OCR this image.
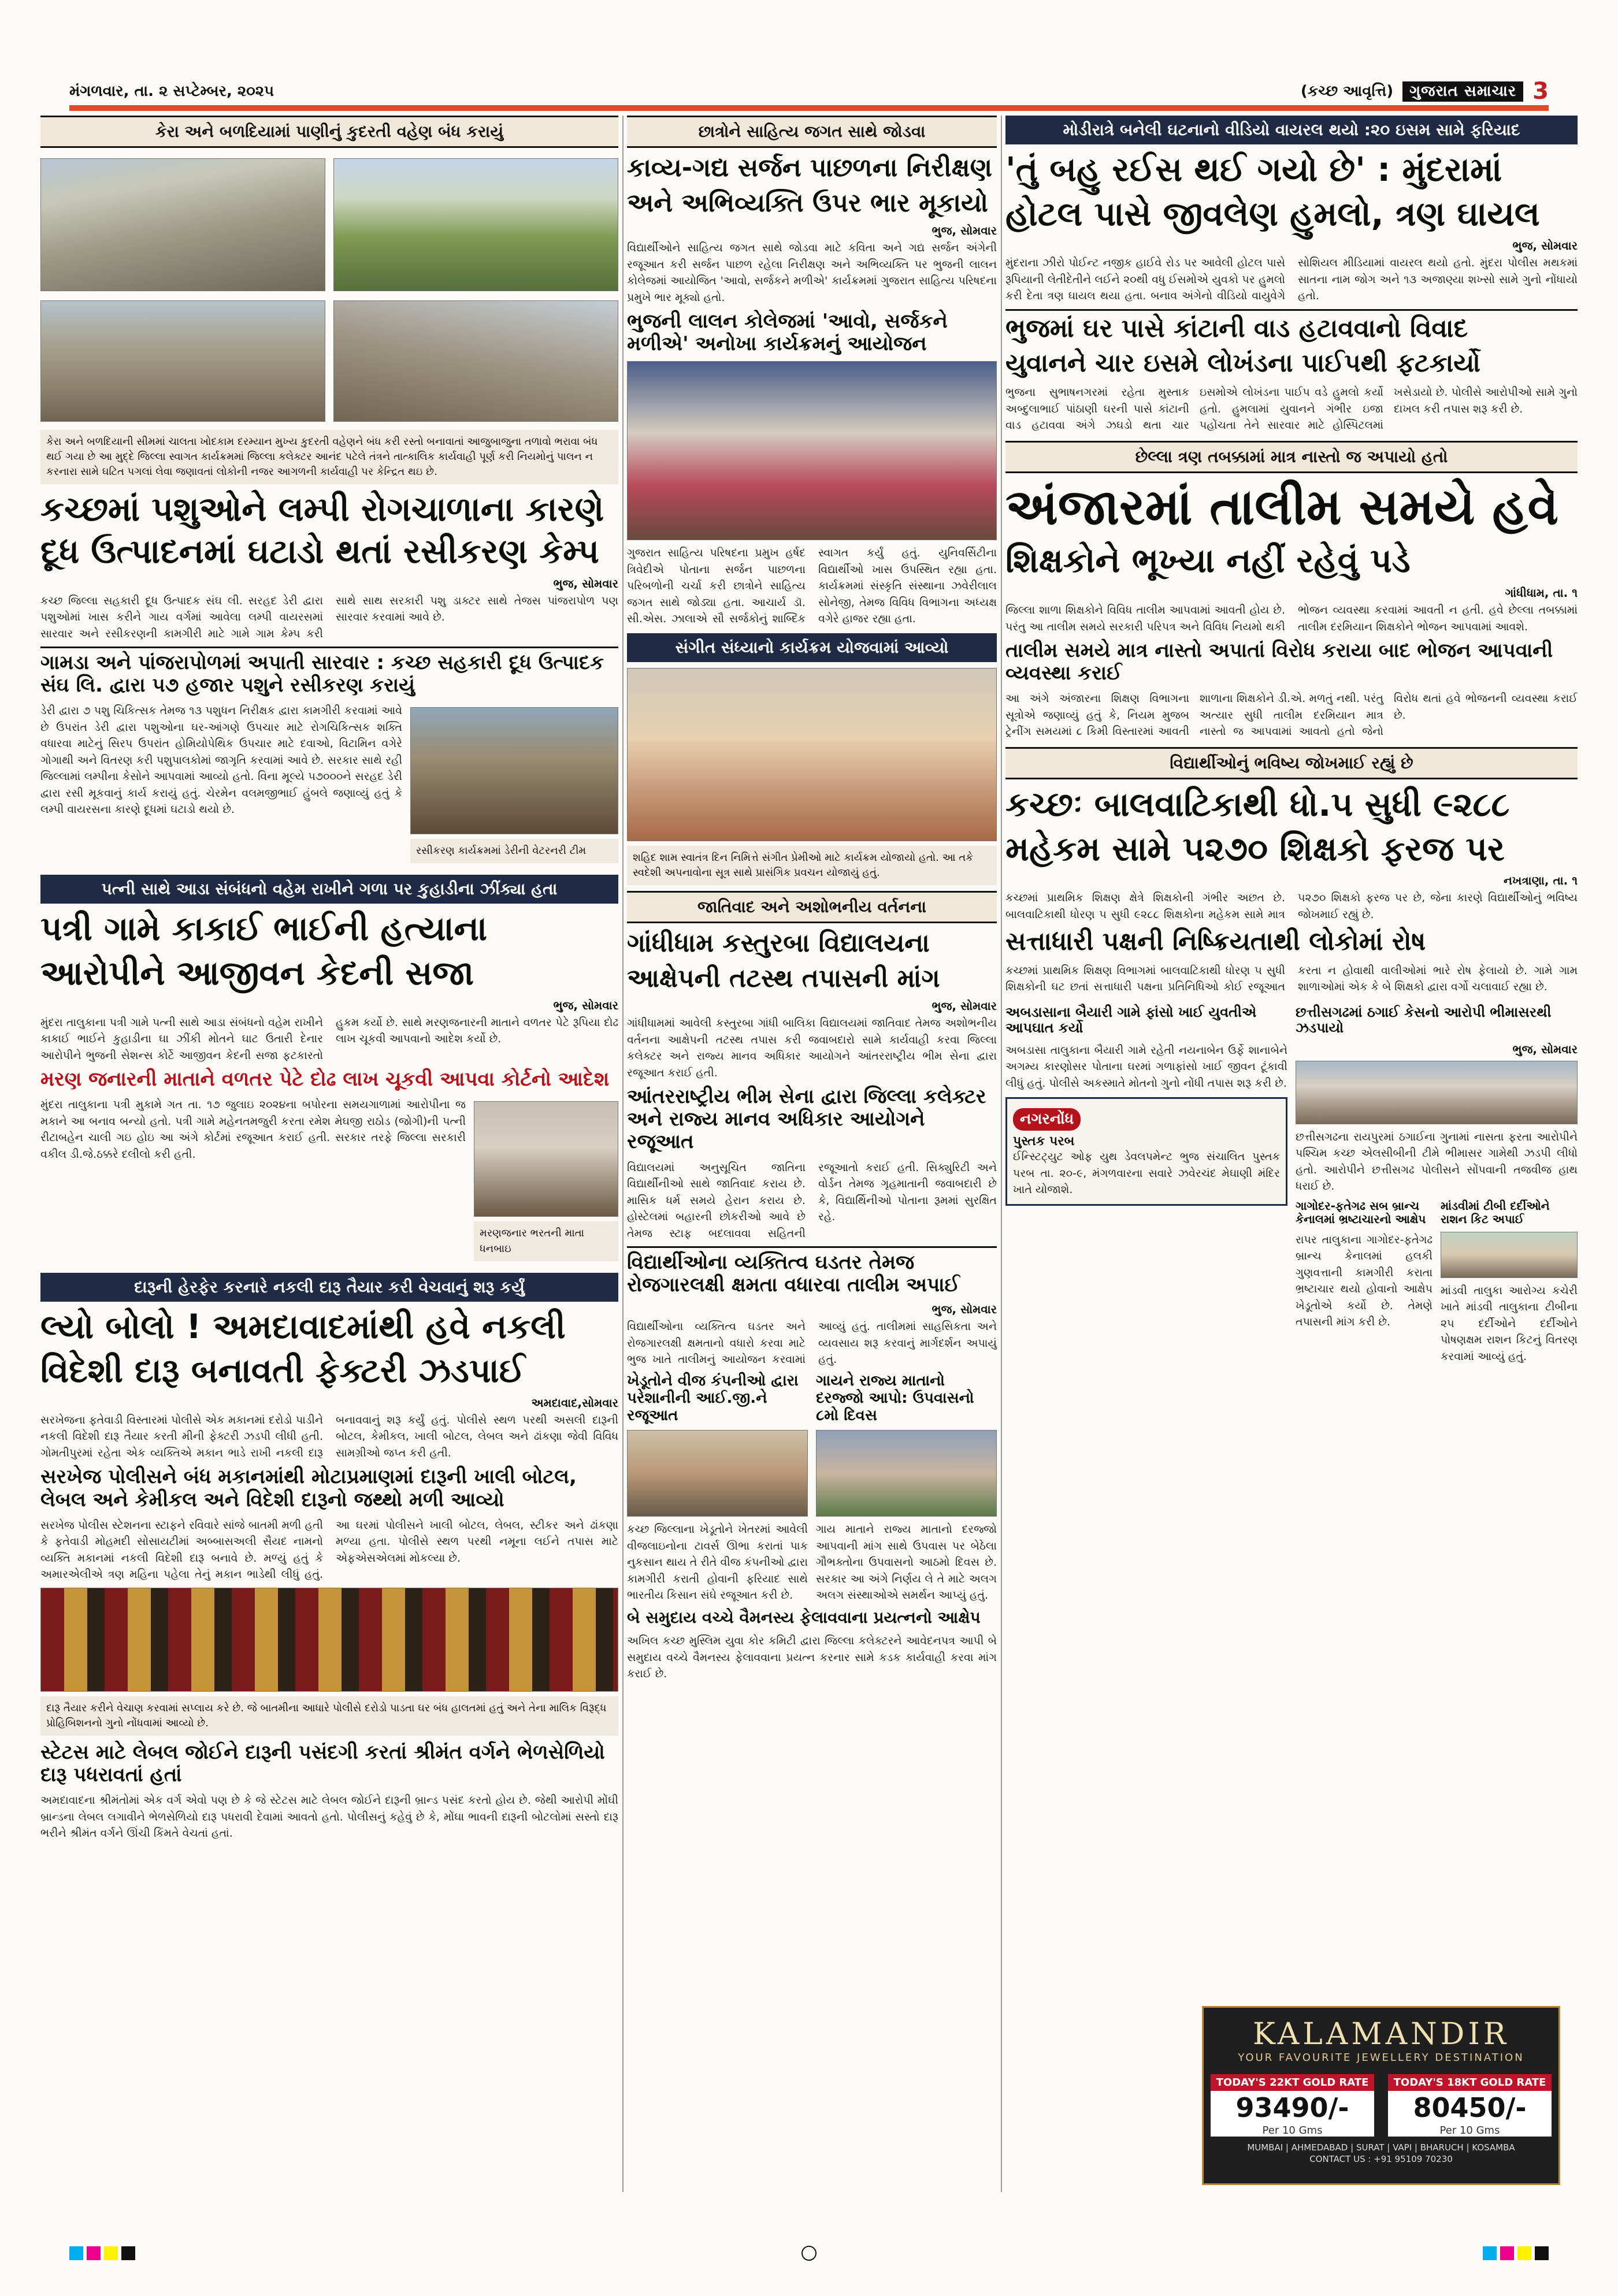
મંગળવાર, તા. ૨ સપ્ટેમ્બર, ૨૦૨૫	(કચ્છ આવૃત્તિ)	ગુજરાત સમાચાર 3
કેરા અને બળદિયામાં પાણીનું કુદરતી વહેણ બંધ કરાયું
કેરા અને બળદિયાની સીમમાં ચાલતા ખોદકામ દરમ્યાન મુખ્ય કુદરતી વહેણને બંધ કરી રસ્તો બનાવાતાં આજુબાજુના તળાવો ભરાવા બંધ થઈ ગયા છે આ મુદ્દે જિલ્લા સ્વાગત કાર્યક્રમમાં જિલ્લા કલેક્ટર આનંદ પટેલે તંત્રને તાત્કાલિક કાર્યવાહી પૂર્ણ કરી નિયમોનું પાલન ન કરનારા સામે ઘટિત પગલાં લેવા જણાવતાં લોકોની નજર આગળની કાર્યવાહી પર કેન્દ્રિત થઇ છે.
કચ્છમાં પશુઓને લમ્પી રોગચાળાના કારણે
દૂધ ઉત્પાદનમાં ઘટાડો થતાં રસીકરણ કેમ્પ
ભુજ, સોમવાર
કચ્છ જિલ્લા સહકારી દૂધ ઉત્પાદક સંઘ લી. સરહદ ડેરી દ્વારા પશુઓમાં ખાસ કરીને ગાય વર્ગમાં આવેલા લમ્પી વાયરસમાં સારવાર અને રસીકરણની કામગીરી માટે ગામે ગામ કેમ્પ કરી સાથે સાથ સરકારી પશુ ડાક્ટર સાથે તેજસ પાંજરાપોળ પણ સારવાર કરવામાં આવે છે.
ગામડા અને પાંજરાપોળમાં અપાતી સારવાર : કચ્છ સહકારી દૂધ ઉત્પાદક સંઘ લિ. દ્વારા ૫૭ હજાર પશુને રસીકરણ કરાયું
ડેરી દ્વારા ૭ પશુ ચિકિત્સક તેમજ ૧૩ પશુધન નિરીક્ષક દ્વારા કામગીરી કરવામાં આવે છે ઉપરાંત ડેરી દ્વારા પશુઓના ઘર-આંગણે ઉપચાર માટે રોગચિકિત્સક શક્તિ વધારવા માટેનું સિરપ ઉપરાંત હોમિયોપેથિક ઉપચાર માટે દવાઓ, વિટામિન વગેરે ગોગાથી અને વિતરણ કરી પશુપાલકોમાં જાગૃતિ કરવામાં આવે છે. સરકાર સાથે રહી જિલ્લામાં લમ્પીના કેસોને આપવામાં આવ્યો હતો. વિના મૂલ્યે ૫૭૦૦૦ને સરહદ ડેરી દ્વારા રસી મૂકવાનું કાર્ય કરાયું હતું. ચેરમેન વલમજીભાઈ હુંબલે જણાવ્યું હતું કે લમ્પી વાયરસના કારણે દૂધમાં ઘટાડો થયો છે.
રસીકરણ કાર્યક્રમમાં ડેરીની વેટરનરી ટીમ
પત્ની સાથે આડા સંબંધનો વહેમ રાખીને ગળા પર કુહાડીના ઝીંક્યા હતા
પત્રી ગામે કાકાઈ ભાઈની હત્યાના
આરોપીને આજીવન કેદની સજા
ભુજ, સોમવાર
મુંદરા તાલુકાના પત્રી ગામે પત્ની સાથે આડા સંબંધનો વહેમ રાખીને કાકાઈ ભાઈને કુહાડીના ઘા ઝીંકી મોતને ઘાટ ઉતારી દેનાર આરોપીને ભુજની સેશન્સ કોર્ટે આજીવન કેદની સજા ફટકારતો હુકમ કર્યો છે. સાથે મરણજનારની માતાને વળતર પેટે રૂપિયા દોઢ લાખ ચૂકવી આપવાનો આદેશ કર્યો છે.
મરણ જનારની માતાને વળતર પેટે દોઢ લાખ ચૂકવી આપવા કોર્ટનો આદેશ
મુંદરા તાલુકાના પત્રી મુકામે ગત તા. ૧૭ જુલાઇ ૨૦૨૪ના બપોરના સમયગાળામાં આરોપીના જ મકાને આ બનાવ બન્યો હતો. પત્રી ગામે મહેનતમજુરી કરતા રમેશ મેઘજી રાઠોડ (જોગી)ની પત્ની રીટાબહેન ચાલી ગઇ હોઇ આ અંગે કોર્ટમાં રજૂઆત કરાઈ હતી. સરકાર તરફે જિલ્લા સરકારી વકીલ ડી.જે.ઠક્કરે દલીલો કરી હતી.
મરણજનાર ભરતની માતા ધનબાઇ
દારૂની હેરફેર કરનારે નકલી દારૂ તૈયાર કરી વેચવાનું શરૂ કર્યું
લ્યો બોલો ! અમદાવાદમાંથી હવે નકલી
વિદેશી દારૂ બનાવતી ફેક્ટરી ઝડપાઈ
અમદાવાદ,સોમવાર
સરખેજના ફતેવાડી વિસ્તારમાં પોલીસે એક મકાનમાં દરોડો પાડીને નકલી વિદેશી દારૂ તૈયાર કરતી મીની ફેક્ટરી ઝડપી લીધી હતી. ગોમતીપુરમાં રહેતા એક વ્યક્તિએ મકાન ભાડે રાખી નકલી દારૂ બનાવવાનું શરૂ કર્યું હતું. પોલીસે સ્થળ પરથી અસલી દારૂની બોટલ, કેમીકલ, ખાલી બોટલ, લેબલ અને ઢાંકણા જેવી વિવિધ સામગ્રીઓ જપ્ત કરી હતી.
સરખેજ પોલીસને બંધ મકાનમાંથી મોટાપ્રમાણમાં દારૂની ખાલી બોટલ, લેબલ અને કેમીકલ અને વિદેશી દારૂનો જથ્થો મળી આવ્યો
સરખેજ પોલીસ સ્ટેશનના સ્ટાફને રવિવારે સાંજે બાતમી મળી હતી કે ફતેવાડી મોહમદી સોસાયટીમાં અબ્બાસઅલી સૈયદ નામનો વ્યક્તિ મકાનમાં નકલી વિદેશી દારૂ બનાવે છે. મળ્યું હતું કે અમારએલીએ ત્રણ મહિના પહેલા તેનું મકાન ભાડેથી લીધું હતું. આ ઘરમાં પોલીસને ખાલી બોટલ, લેબલ, સ્ટીકર અને ઢાંકણા મળ્યા હતા. પોલીસે સ્થળ પરથી નમૂના લઈને તપાસ માટે એફએસએલમાં મોકલ્યા છે.
દારૂ તૈયાર કરીને વેચાણ કરવામાં સપ્લાય કરે છે. જે બાતમીના આધારે પોલીસે દરોડો પાડતા ઘર બંધ હાલતમાં હતું અને તેના માલિક વિરૂદ્ધ પ્રોહિબિશનનો ગુનો નોંધવામાં આવ્યો છે.
સ્ટેટસ માટે લેબલ જોઈને દારૂની પસંદગી કરતાં શ્રીમંત વર્ગને ભેળસેળિયો દારૂ પધરાવતાં હતાં
અમદાવાદના શ્રીમંતોમાં એક વર્ગ એવો પણ છે કે જે સ્ટેટસ માટે લેબલ જોઈને દારૂની બ્રાન્ડ પસંદ કરતો હોય છે. જેથી આરોપી મોંઘી બ્રાન્ડના લેબલ લગાવીને ભેળસેળિયો દારૂ પધરાવી દેવામાં આવતો હતો. પોલીસનું કહેવું છે કે, મોંઘા ભાવની દારૂની બોટલોમાં સસ્તો દારૂ ભરીને શ્રીમંત વર્ગને ઊંચી કિંમતે વેચતાં હતાં.
છાત્રોને સાહિત્ય જગત સાથે જોડવા
કાવ્ય-ગદ્ય સર્જન પાછળના નિરીક્ષણ
અને અભિવ્યક્તિ ઉપર ભાર મૂકાયો
ભુજ, સોમવાર
વિદ્યાર્થીઓને સાહિત્ય જગત સાથે જોડવા માટે કવિતા અને ગદ્ય સર્જન અંગેની રજૂઆત કરી સર્જન પાછળ રહેલા નિરીક્ષણ અને અભિવ્યક્તિ પર ભુજની લાલન કોલેજમાં આયોજિત 'આવો, સર્જકને મળીએ' કાર્યક્રમમાં ગુજરાત સાહિત્ય પરિષદના પ્રમુખે ભાર મૂક્યો હતો.
ભુજની લાલન કોલેજમાં 'આવો, સર્જકને મળીએ' અનોખા કાર્યક્રમનું આયોજન
ગુજરાત સાહિત્ય પરિષદના પ્રમુખ હર્ષદ ત્રિવેદીએ પોતાના સર્જન પાછળના પરિબળોની ચર્ચા કરી છાત્રોને સાહિત્ય જગત સાથે જોડ્યા હતા. આચાર્ય ડૉ. સી.એસ. ઝાલાએ સૌ સર્જકોનું શાબ્દિક સ્વાગત કર્યું હતું. યુનિવર્સિટીના વિદ્યાર્થીઓ ખાસ ઉપસ્થિત રહ્યા હતા. કાર્યક્રમમાં સંસ્કૃતિ સંસ્થાના ઝવેરીલાલ સોનેજી, તેમજ વિવિધ વિભાગના અધ્યક્ષ વગેરે હાજર રહ્યા હતા.
સંગીત સંધ્યાનો કાર્યક્રમ યોજવામાં આવ્યો
શહિદ શામ સ્વાતંત્ર દિન નિમિત્તે સંગીત પ્રેમીઓ માટે કાર્યક્રમ યોજાયો હતો. આ તકે સ્વદેશી અપનાવોના સૂત્ર સાથે પ્રાસંગિક પ્રવચન યોજાયું હતું.
જાતિવાદ અને અશોભનીય વર્તનના
ગાંધીધામ કસ્તુરબા વિદ્યાલયના
આક્ષેપની તટસ્થ તપાસની માંગ
ભુજ, સોમવાર
ગાંધીધામમાં આવેલી કસ્તુરબા ગાંધી બાલિકા વિદ્યાલયમાં જાતિવાદ તેમજ અશોભનીય વર્તનના આક્ષેપની તટસ્થ તપાસ કરી જવાબદારો સામે કાર્યવાહી કરવા જિલ્લા કલેક્ટર અને રાજ્ય માનવ અધિકાર આયોગને આંતરરાષ્ટ્રીય ભીમ સેના દ્વારા રજૂઆત કરાઈ હતી.
આંતરરાષ્ટ્રીય ભીમ સેના દ્વારા જિલ્લા કલેક્ટર અને રાજ્ય માનવ અધિકાર આયોગને રજૂઆત
વિદ્યાલયમાં અનુસૂચિત જાતિના વિદ્યાર્થીનીઓ સાથે જાતિવાદ કરાય છે. માસિક ધર્મ સમયે હેરાન કરાય છે. હોસ્ટેલમાં બહારની છોકરીઓ આવે છે તેમજ સ્ટાફ બદલાવવા સહિતની રજૂઆતો કરાઈ હતી. સિક્યુરિટી અને વોર્ડન તેમજ ગૃહમાતાની જવાબદારી છે કે, વિદ્યાર્થિનીઓ પોતાના રૂમમાં સુરક્ષિત રહે.
વિદ્યાર્થીઓના વ્યક્તિત્વ ઘડતર તેમજ રોજગારલક્ષી ક્ષમતા વધારવા તાલીમ અપાઈ
ભુજ, સોમવાર
વિદ્યાર્થીઓના વ્યક્તિત્વ ઘડતર અને રોજગારલક્ષી ક્ષમતાનો વધારો કરવા માટે ભુજ ખાતે તાલીમનું આયોજન કરવામાં આવ્યું હતું. તાલીમમાં સાહસિકતા અને વ્યવસાય શરૂ કરવાનું માર્ગદર્શન અપાયું હતું.
ખેડૂતોને વીજ કંપનીઓ દ્વારા પરેશાનીની આઈ.જી.ને રજૂઆત
કચ્છ જિલ્લાના ખેડૂતોને ખેતરમાં આવેલી વીજલાઇનોના ટાવર્સ ઊભા કરાતાં પાક નુકસાન થાય તે રીતે વીજ કંપનીઓ દ્વારા કામગીરી કરાતી હોવાની ફરિયાદ સાથે ભારતીય કિસાન સંઘે રજૂઆત કરી છે.
ગાયને રાજ્ય માતાનો દરજ્જો આપો: ઉપવાસનો ૮મો દિવસ
ગાય માતાને રાજ્ય માતાનો દરજ્જો આપવાની માંગ સાથે ઉપવાસ પર બેઠેલા ગૌભક્તોના ઉપવાસનો આઠમો દિવસ છે. સરકાર આ અંગે નિર્ણય લે તે માટે અલગ અલગ સંસ્થાઓએ સમર્થન આપ્યું હતું.
બે સમુદાય વચ્ચે વૈમનસ્ય ફેલાવવાના પ્રયત્નનો આક્ષેપ
અખિલ કચ્છ મુસ્લિમ યુવા કોર કમિટી દ્વારા જિલ્લા કલેક્ટરને આવેદનપત્ર આપી બે સમુદાય વચ્ચે વૈમનસ્ય ફેલાવવાના પ્રયત્ન કરનાર સામે કડક કાર્યવાહી કરવા માંગ કરાઈ છે.
મોડીરાત્રે બનેલી ઘટનાનો વીડિયો વાયરલ થયો :૨૦ ઇસમ સામે ફરિયાદ
'તું બહુ રઈસ થઈ ગયો છે' : મુંદરામાં
હોટલ પાસે જીવલેણ હુમલો, ત્રણ ઘાયલ
ભુજ, સોમવાર
મુંદરાના ઝીરો પોઈન્ટ નજીક હાઈવે રોડ પર આવેલી હોટલ પાસે રૂપિયાની લેતીદેતીને લઈને ૨૦થી વધુ ઈસમોએ યુવકો પર હુમલો કરી દેતા ત્રણ ઘાયલ થયા હતા. બનાવ અંગેનો વીડિયો વાયુવેગે સોશિયલ મીડિયામાં વાયરલ થયો હતો. મુંદરા પોલીસ મથકમાં સાતના નામ જોગ અને ૧૩ અજાણ્યા શખ્સો સામે ગુનો નોંધાયો હતો.
ભુજમાં ઘર પાસે કાંટાની વાડ હટાવવાનો વિવાદ
યુવાનને ચાર ઇસમે લોખંડના પાઈપથી ફટકાર્યો
ભુજના સુભાષનગરમાં રહેતા મુસ્તાક અબ્દુલાભાઈ પાંઠાણી ઘરની પાસે કાંટાની વાડ હટાવવા અંગે ઝઘડો થતા ચાર ઇસમોએ લોખંડના પાઈપ વડે હુમલો કર્યો હતો. હુમલામાં યુવાનને ગંભીર ઇજા પહોંચતા તેને સારવાર માટે હોસ્પિટલમાં ખસેડાયો છે. પોલીસે આરોપીઓ સામે ગુનો દાખલ કરી તપાસ શરૂ કરી છે.
છેલ્લા ત્રણ તબક્કામાં માત્ર નાસ્તો જ અપાયો હતો
અંજારમાં તાલીમ સમયે હવે
શિક્ષકોને ભૂખ્યા નહીં રહેવું પડે
ગાંધીધામ, તા. ૧
જિલ્લા શાળા શિક્ષકોને વિવિધ તાલીમ આપવામાં આવતી હોય છે. પરંતુ આ તાલીમ સમયે સરકારી પરિપત્ર અને વિવિધ નિયમો થકી ભોજન વ્યવસ્થા કરવામાં આવતી ન હતી. હવે છેલ્લા તબક્કામાં તાલીમ દરમિયાન શિક્ષકોને ભોજન આપવામાં આવશે.
તાલીમ સમયે માત્ર નાસ્તો અપાતાં વિરોધ કરાયા બાદ ભોજન આપવાની વ્યવસ્થા કરાઈ
આ અંગે અંજારના શિક્ષણ વિભાગના સૂત્રોએ જણાવ્યું હતું કે, નિયમ મુજબ ટ્રેનીંગ સમયમાં ૮ કિમી વિસ્તારમાં આવતી શાળાના શિક્ષકોને ડી.એ. મળતું નથી. પરંતુ અત્યાર સુધી તાલીમ દરમિયાન માત્ર નાસ્તો જ આપવામાં આવતો હતો જેનો વિરોધ થતાં હવે ભોજનની વ્યવસ્થા કરાઈ છે.
વિદ્યાર્થીઓનું ભવિષ્ય જોખમાઈ રહ્યું છે
કચ્છઃ બાલવાટિકાથી ધો.૫ સુધી ૯૨૮૮
મહેકમ સામે ૫૨૭૦ શિક્ષકો ફરજ પર
નખત્રાણા, તા. ૧
કચ્છમાં પ્રાથમિક શિક્ષણ ક્ષેત્રે શિક્ષકોની ગંભીર અછત છે. બાલવાટિકાથી ધોરણ ૫ સુધી ૯૨૮૮ શિક્ષકોના મહેકમ સામે માત્ર ૫૨૭૦ શિક્ષકો ફરજ પર છે, જેના કારણે વિદ્યાર્થીઓનું ભવિષ્ય જોખમાઈ રહ્યું છે.
સત્તાધારી પક્ષની નિષ્ક્રિયતાથી લોકોમાં રોષ
કચ્છમાં પ્રાથમિક શિક્ષણ વિભાગમાં બાલવાટિકાથી ધોરણ ૫ સુધી શિક્ષકોની ઘટ છતાં સત્તાધારી પક્ષના પ્રતિનિધિઓ કોઈ રજૂઆત કરતા ન હોવાથી વાલીઓમાં ભારે રોષ ફેલાયો છે. ગામે ગામ શાળાઓમાં એક કે બે શિક્ષકો દ્વારા વર્ગો ચલાવાઈ રહ્યા છે.
અબડાસાના બૈયારી ગામે ફાંસો ખાઈ યુવતીએ આપઘાત કર્યો
અબડાસા તાલુકાના બૈયારી ગામે રહેતી નયનાબેન ઉર્ફે શાનાબેને અગમ્ય કારણોસર પોતાના ઘરમાં ગળાફાંસો ખાઈ જીવન ટૂંકાવી લીધું હતું. પોલીસે અકસ્માતે મોતનો ગુનો નોંધી તપાસ શરૂ કરી છે.
નગરનોંધ
પુસ્તક પરબ
ઈન્સ્ટિટ્યુટ ઓફ યુથ ડેવલપમેન્ટ ભુજ સંચાલિત પુસ્તક પરબ તા. ૨૦-૯, મંગળવારના સવારે ઝવેરચંદ મેઘાણી મંદિર ખાતે યોજાશે.
છત્તીસગઢમાં ઠગાઈ કેસનો આરોપી ભીમાસરથી ઝડપાયો
ભુજ, સોમવાર
છત્તીસગઢના રાયપુરમાં ઠગાઈના ગુનામાં નાસતા ફરતા આરોપીને પશ્ચિમ કચ્છ એલસીબીની ટીમે ભીમાસર ગામેથી ઝડપી લીધો હતો. આરોપીને છત્તીસગઢ પોલીસને સોંપવાની તજવીજ હાથ ધરાઈ છે.
ગાગોદર-ફતેગઢ સબ બ્રાન્ચ કેનાલમાં ભ્રષ્ટાચારનો આક્ષેપ
રાપર તાલુકાના ગાગોદર-ફતેગઢ બ્રાન્ચ કેનાલમાં હલકી ગુણવત્તાની કામગીરી કરાતા ભ્રષ્ટાચાર થયો હોવાનો આક્ષેપ ખેડૂતોએ કર્યો છે. તેમણે તપાસની માંગ કરી છે.
માંડવીમાં ટીબી દર્દીઓને રાશન કિટ અપાઈ
માંડવી તાલુકા આરોગ્ય કચેરી ખાતે માંડવી તાલુકાના ટીબીના ૨૫ દર્દીઓને દર્દીઓને પોષણક્ષમ રાશન કિટનું વિતરણ કરવામાં આવ્યું હતું.
KALAMANDIR
YOUR FAVOURITE JEWELLERY DESTINATION
TODAY'S 22KT GOLD RATE
93490/-
Per 10 Gms
TODAY'S 18KT GOLD RATE
80450/-
Per 10 Gms
MUMBAI | AHMEDABAD | SURAT | VAPI | BHARUCH | KOSAMBA
CONTACT US : +91 95109 70230
